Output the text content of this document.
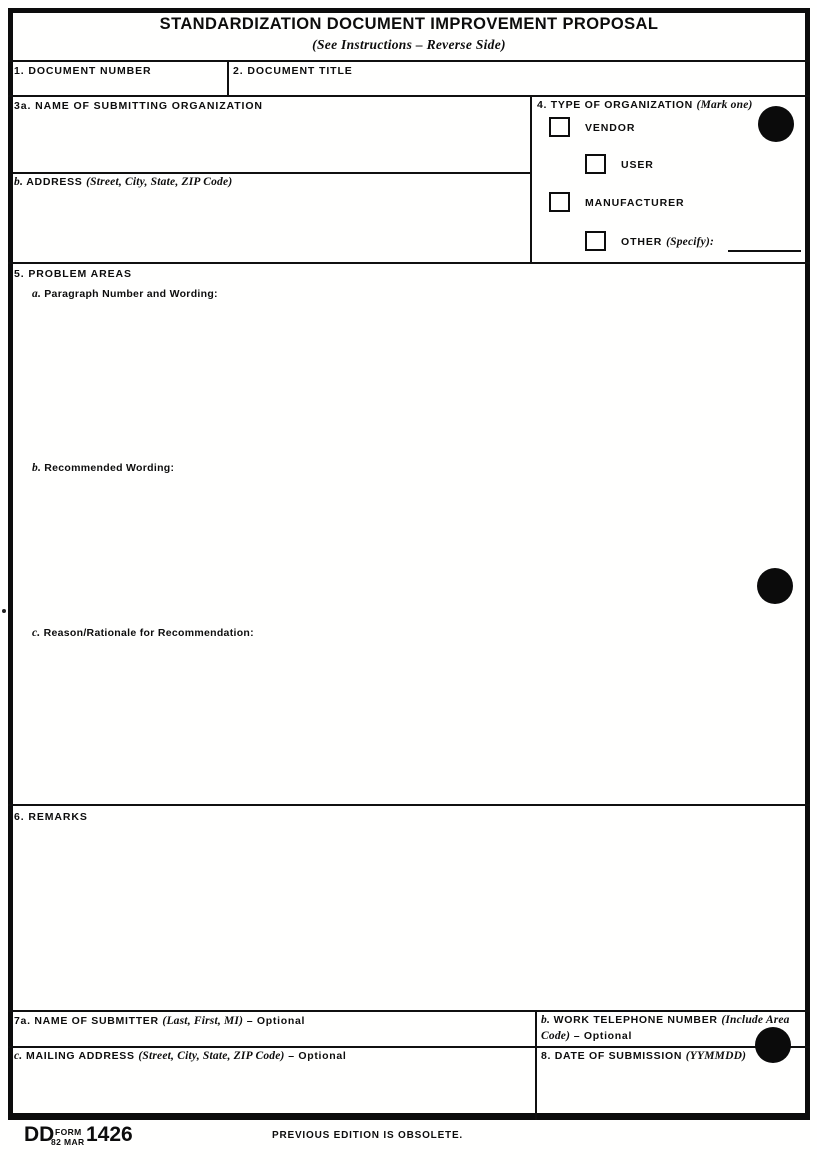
STANDARDIZATION DOCUMENT IMPROVEMENT PROPOSAL
(See Instructions – Reverse Side)
1. DOCUMENT NUMBER	2. DOCUMENT TITLE
3a. NAME OF SUBMITTING ORGANIZATION
b. ADDRESS (Street, City, State, ZIP Code)
4. TYPE OF ORGANIZATION (Mark one)
VENDOR
USER
MANUFACTURER
OTHER (Specify):
5. PROBLEM AREAS
a. Paragraph Number and Wording:
b. Recommended Wording:
c. Reason/Rationale for Recommendation:
6. REMARKS
7a. NAME OF SUBMITTER (Last, First, MI) – Optional	b. WORK TELEPHONE NUMBER (Include Area Code) – Optional
c. MAILING ADDRESS (Street, City, State, ZIP Code) – Optional	8. DATE OF SUBMISSION (YYMMDD)
DD FORM
82 MAR 1426	PREVIOUS EDITION IS OBSOLETE.
